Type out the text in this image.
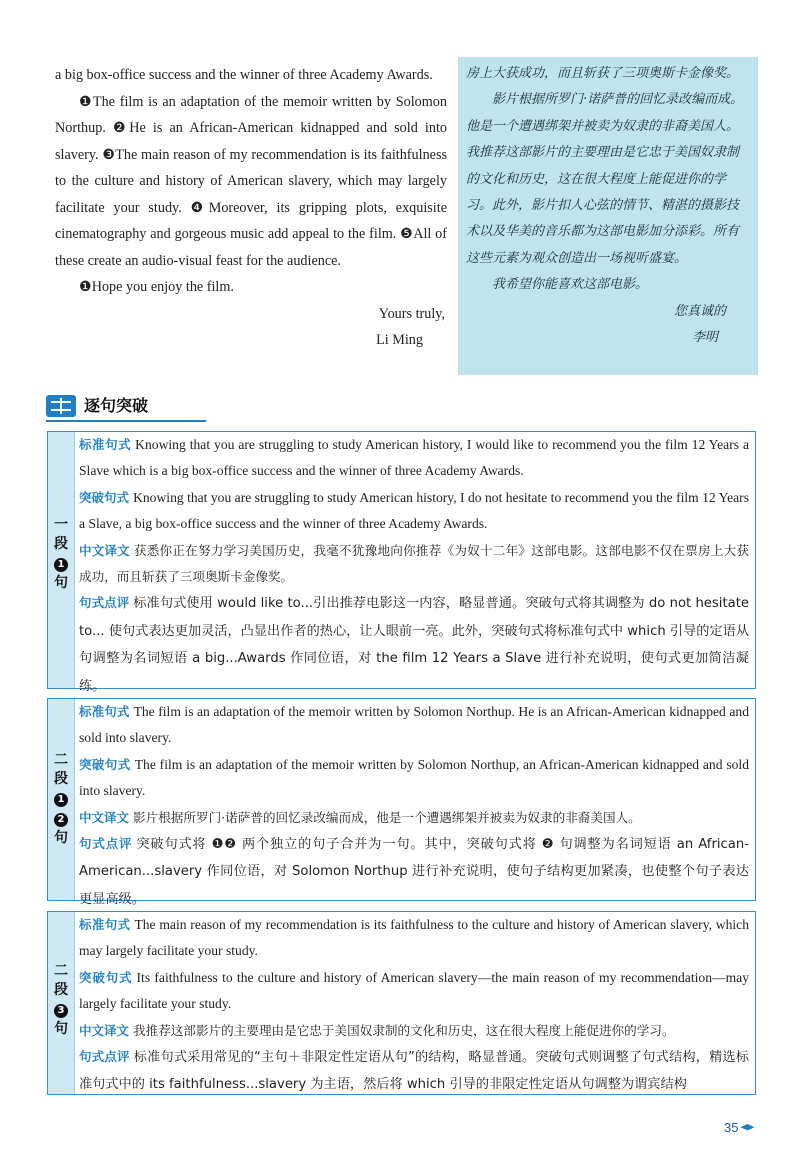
a big box-office success and the winner of three Academy Awards.

❶The film is an adaptation of the memoir written by Solomon Northup. ❷He is an African-American kidnapped and sold into slavery. ❸The main reason of my recommendation is its faithfulness to the culture and history of American slavery, which may largely facilitate your study. ❹Moreover, its gripping plots, exquisite cinematography and gorgeous music add appeal to the film. ❺All of these create an audio-visual feast for the audience.

❶Hope you enjoy the film.

Yours truly,

Li Ming

房上大获成功，而且斩获了三项奥斯卡金像奖。

影片根据所罗门·诺萨普的回忆录改编而成。他是一个遭遇绑架并被卖为奴隶的非裔美国人。我推荐这部影片的主要理由是它忠于美国奴隶制的文化和历史，这在很大程度上能促进你的学习。此外，影片扣人心弦的情节、精湛的摄影技术以及华美的音乐都为这部电影加分添彩。所有这些元素为观众创造出一场视听盛宴。

我希望你能喜欢这部电影。

您真诚的

李明

逐句突破
一
段
1
句

标准句式 Knowing that you are struggling to study American history, I would like to recommend you the film 12 Years a Slave which is a big box-office success and the winner of three Academy Awards.

突破句式 Knowing that you are struggling to study American history, I do not hesitate to recommend you the film 12 Years a Slave, a big box-office success and the winner of three Academy Awards.

中文译文 获悉你正在努力学习美国历史，我毫不犹豫地向你推荐《为奴十二年》这部电影。这部电影不仅在票房上大获成功，而且斩获了三项奥斯卡金像奖。

句式点评 标准句式使用 would like to...引出推荐电影这一内容，略显普通。突破句式将其调整为 do not hesitate to... 使句式表达更加灵活，凸显出作者的热心，让人眼前一亮。此外，突破句式将标准句式中 which 引导的定语从句调整为名词短语 a big...Awards 作同位语，对 the film 12 Years a Slave 进行补充说明，使句式更加简洁凝练。

二
段
1
2
句

标准句式 The film is an adaptation of the memoir written by Solomon Northup. He is an African-American kidnapped and sold into slavery.

突破句式 The film is an adaptation of the memoir written by Solomon Northup, an African-American kidnapped and sold into slavery.

中文译文 影片根据所罗门·诺萨普的回忆录改编而成，他是一个遭遇绑架并被卖为奴隶的非裔美国人。

句式点评 突破句式将 ❶❷ 两个独立的句子合并为一句。其中，突破句式将 ❷ 句调整为名词短语 an African-American...slavery 作同位语，对 Solomon Northup 进行补充说明，使句子结构更加紧凑，也使整个句子表达更显高级。

二
段
3
句

标准句式 The main reason of my recommendation is its faithfulness to the culture and history of American slavery, which may largely facilitate your study.

突破句式 Its faithfulness to the culture and history of American slavery—the main reason of my recommendation—may largely facilitate your study.

中文译文 我推荐这部影片的主要理由是它忠于美国奴隶制的文化和历史，这在很大程度上能促进你的学习。

句式点评 标准句式采用常见的“主句＋非限定性定语从句”的结构，略显普通。突破句式则调整了句式结构，精选标准句式中的 its faithfulness...slavery 为主语，然后将 which 引导的非限定性定语从句调整为谓宾结构

35
